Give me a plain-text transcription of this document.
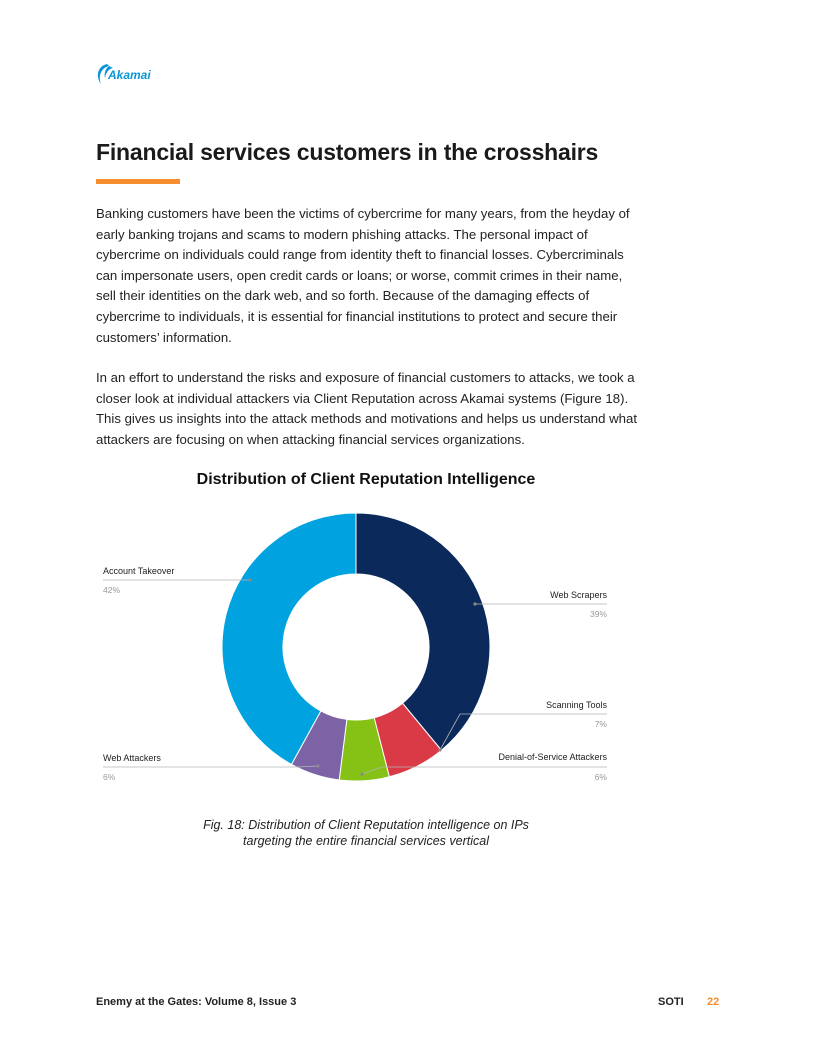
Akamai
Financial services customers in the crosshairs

Banking customers have been the victims of cybercrime for many years, from the heyday of early banking trojans and scams to modern phishing attacks. The personal impact of cybercrime on individuals could range from identity theft to financial losses. Cybercriminals can impersonate users, open credit cards or loans; or worse, commit crimes in their name, sell their identities on the dark web, and so forth. Because of the damaging effects of cybercrime to individuals, it is essential for financial institutions to protect and secure their customers’ information.

In an effort to understand the risks and exposure of financial customers to attacks, we took a closer look at individual attackers via Client Reputation across Akamai systems (Figure 18). This gives us insights into the attack methods and motivations and helps us understand what attackers are focusing on when attacking financial services organizations.

Distribution of Client Reputation Intelligence
Web Scrapers
39%
Scanning Tools
7%
Denial-of-Service Attackers
6%
Web Attackers
6%
Account Takeover
42%
Fig. 18: Distribution of Client Reputation intelligence on IPs
targeting the entire financial services vertical
Enemy at the Gates: Volume 8, Issue 3	SOTI 22
